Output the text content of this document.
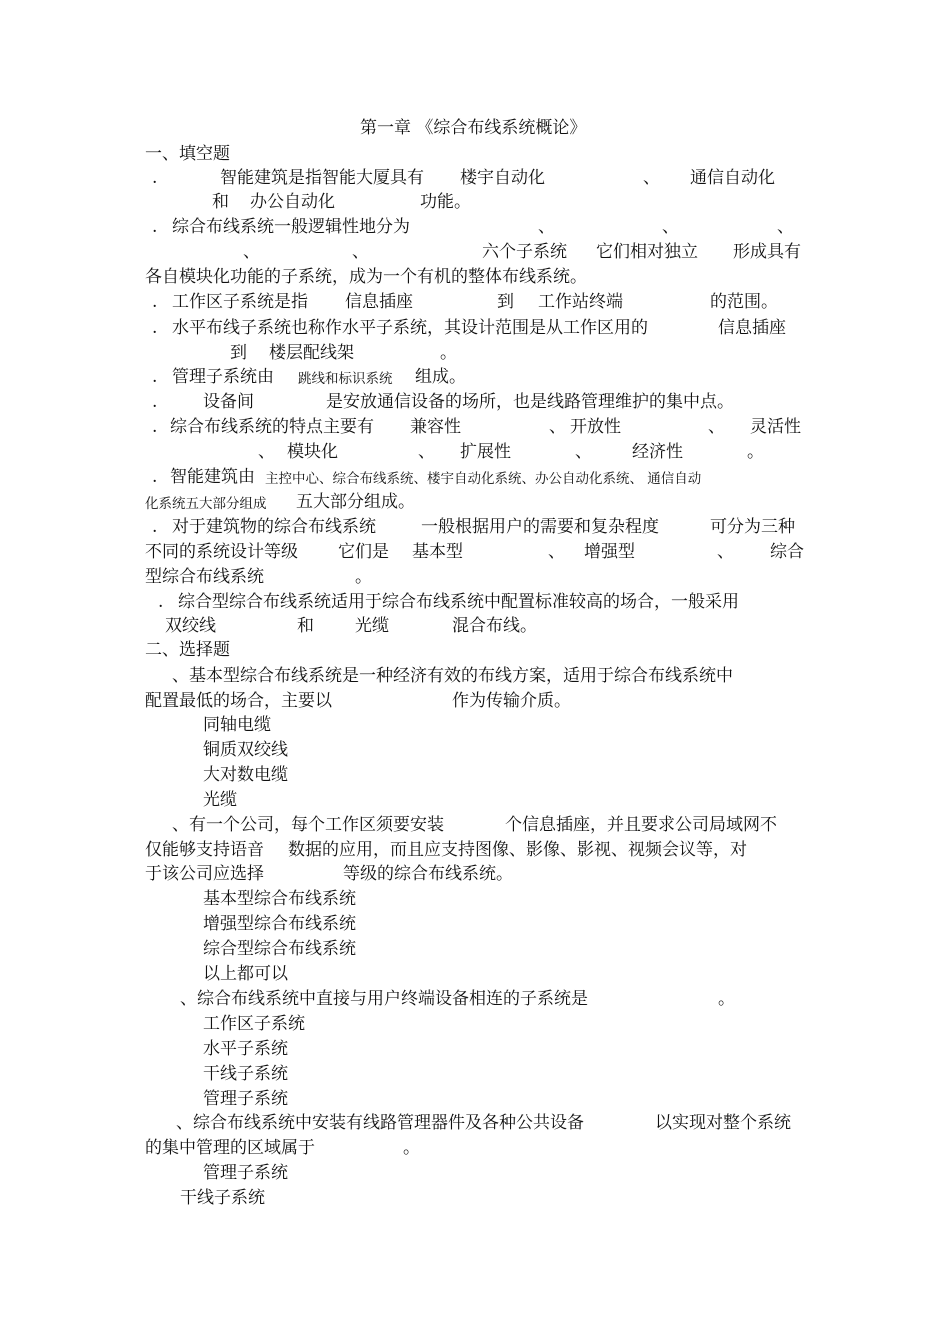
第一章 《综合布线系统概论》
一、填空题
.	智能建筑是指智能大厦具有 楼宇自动化	、 通信自动化
和 办公自动化	功能。
. 综合布线系统一般逻辑性地分为	、	、	、
、	、	六个子系统 它们相对独立 形成具有
各自模块化功能的子系统，成为一个有机的整体布线系统。
. 工作区子系统是指 信息插座	到 工作站终端	的范围。
. 水平布线子系统也称作水平子系统，其设计范围是从工作区用的	信息插座
到 楼层配线架	。
. 管理子系统由 跳线和标识系统 组成。
.	设备间	是安放通信设备的场所，也是线路管理维护的集中点。
. 综合布线系统的特点主要有 兼容性	、 开放性	、 灵活性
、 模块化	、 扩展性	、 经济性	。
. 智能建筑由 主控中心、综合布线系统、楼宇自动化系统、办公自动化系统、 通信自动
化系统五大部分组成 五大部分组成。
. 对于建筑物的综合布线系统	一般根据用户的需要和复杂程度	可分为三种
不同的系统设计等级 它们是 基本型	、 增强型	、 综合
型综合布线系统	。
. 综合型综合布线系统适用于综合布线系统中配置标准较高的场合，一般采用
双绞线	和 光缆	混合布线。
二、选择题
、基本型综合布线系统是一种经济有效的布线方案，适用于综合布线系统中
配置最低的场合，主要以	作为传输介质。
同轴电缆
铜质双绞线
大对数电缆
光缆
、有一个公司，每个工作区须要安装	个信息插座，并且要求公司局域网不
仅能够支持语音 数据的应用，而且应支持图像、影像、影视、视频会议等，对
于该公司应选择	等级的综合布线系统。
基本型综合布线系统
增强型综合布线系统
综合型综合布线系统
以上都可以
、综合布线系统中直接与用户终端设备相连的子系统是	。
工作区子系统
水平子系统
干线子系统
管理子系统
、综合布线系统中安装有线路管理器件及各种公共设备	以实现对整个系统
的集中管理的区域属于	。
管理子系统
干线子系统
